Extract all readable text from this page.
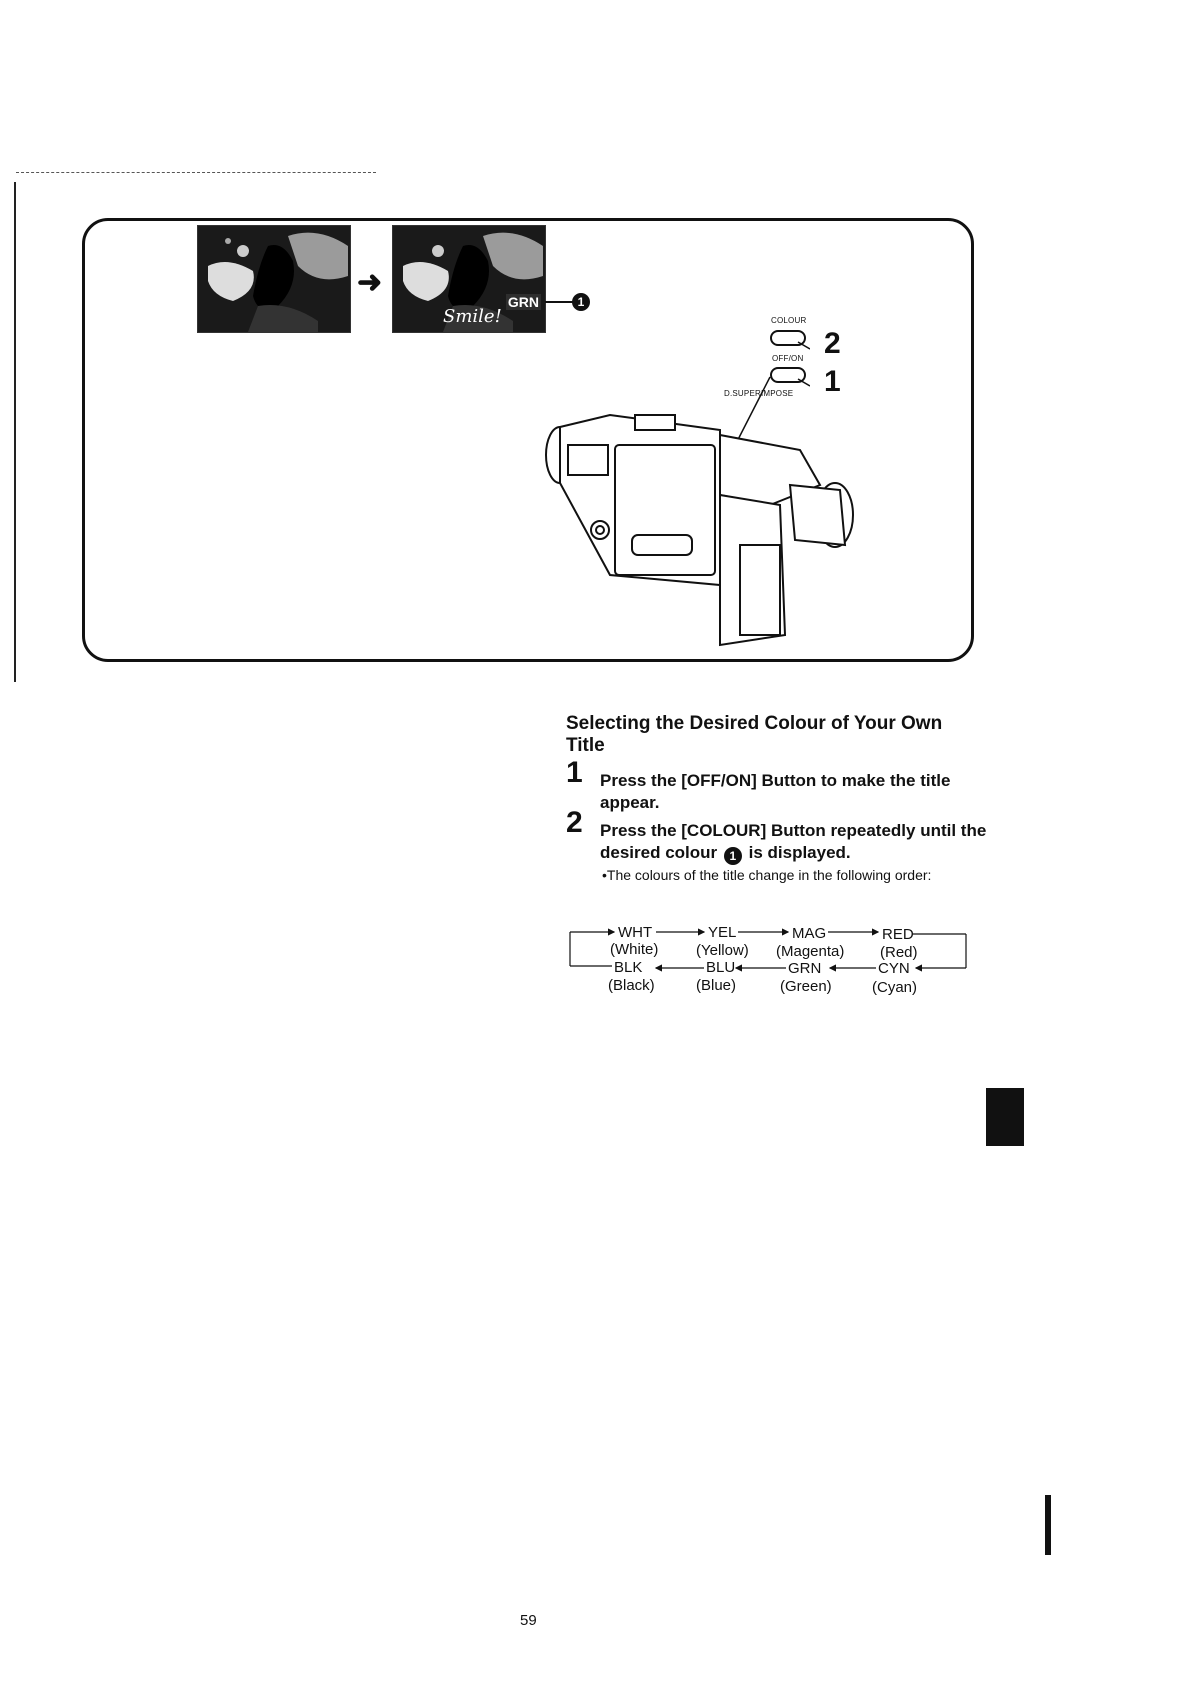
➜
Smile!
GRN	1
COLOUR
2
OFF/ON
1
D.SUPERIMPOSE
Selecting the Desired Colour of Your Own Title
1 Press the [OFF/ON] Button to make the title appear.
2 Press the [COLOUR] Button repeatedly until the desired colour 1 is displayed.
•The colours of the title change in the following order:
WHT
(White)
YEL
(Yellow)
MAG
(Magenta)
RED
(Red)
BLK
(Black)
BLU
(Blue)
GRN
(Green)
CYN
(Cyan)
59
